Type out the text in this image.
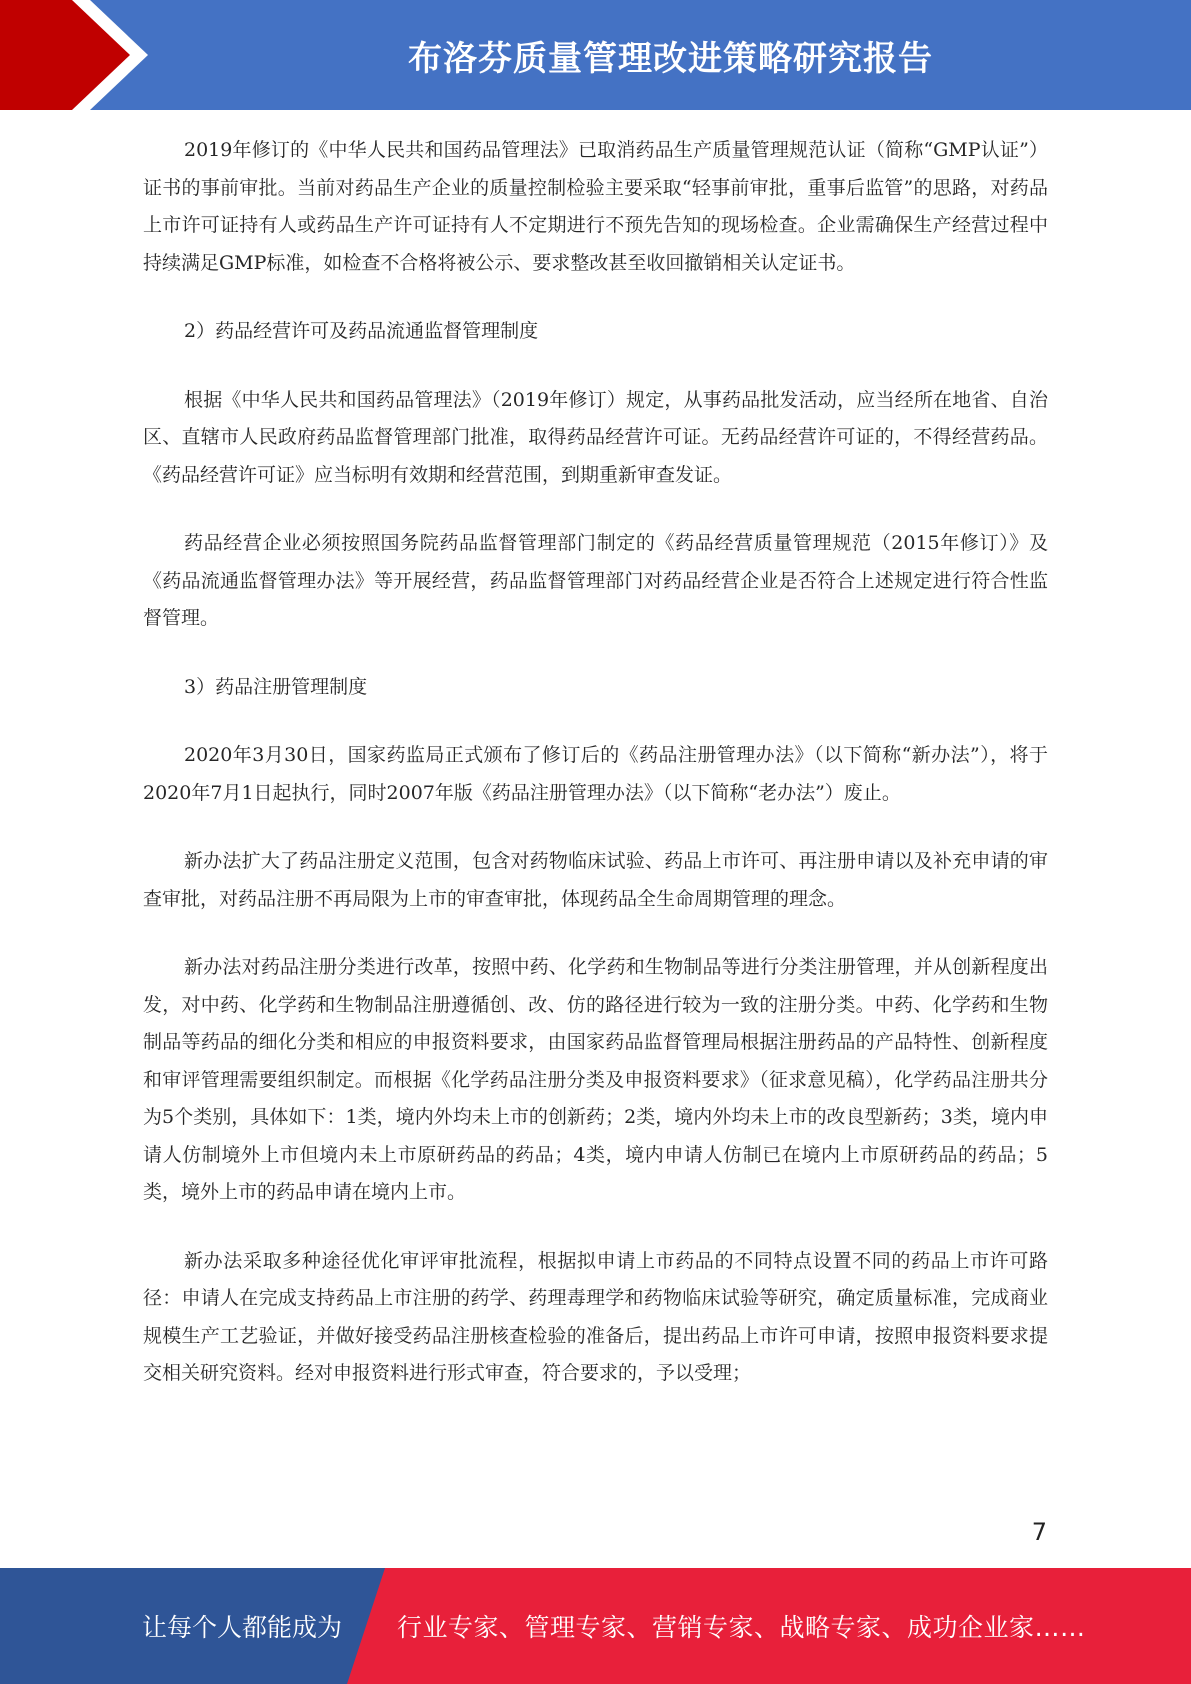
布洛芬质量管理改进策略研究报告

2019年修订的《中华人民共和国药品管理法》已取消药品生产质量管理规范认证（简称“GMP认证”）证书的事前审批。当前对药品生产企业的质量控制检验主要采取“轻事前审批，重事后监管”的思路，对药品上市许可证持有人或药品生产许可证持有人不定期进行不预先告知的现场检查。企业需确保生产经营过程中持续满足GMP标准，如检查不合格将被公示、要求整改甚至收回撤销相关认定证书。

2）药品经营许可及药品流通监督管理制度

根据《中华人民共和国药品管理法》（2019年修订）规定，从事药品批发活动，应当经所在地省、自治区、直辖市人民政府药品监督管理部门批准，取得药品经营许可证。无药品经营许可证的，不得经营药品。《药品经营许可证》应当标明有效期和经营范围，到期重新审查发证。

药品经营企业必须按照国务院药品监督管理部门制定的《药品经营质量管理规范（2015年修订）》及《药品流通监督管理办法》等开展经营，药品监督管理部门对药品经营企业是否符合上述规定进行符合性监督管理。

3）药品注册管理制度

2020年3月30日，国家药监局正式颁布了修订后的《药品注册管理办法》（以下简称“新办法”），将于2020年7月1日起执行，同时2007年版《药品注册管理办法》（以下简称“老办法”）废止。

新办法扩大了药品注册定义范围，包含对药物临床试验、药品上市许可、再注册申请以及补充申请的审查审批，对药品注册不再局限为上市的审查审批，体现药品全生命周期管理的理念。

新办法对药品注册分类进行改革，按照中药、化学药和生物制品等进行分类注册管理，并从创新程度出发，对中药、化学药和生物制品注册遵循创、改、仿的路径进行较为一致的注册分类。中药、化学药和生物制品等药品的细化分类和相应的申报资料要求，由国家药品监督管理局根据注册药品的产品特性、创新程度和审评管理需要组织制定。而根据《化学药品注册分类及申报资料要求》（征求意见稿），化学药品注册共分为5个类别，具体如下：1类，境内外均未上市的创新药；2类，境内外均未上市的改良型新药；3类，境内申请人仿制境外上市但境内未上市原研药品的药品；4类，境内申请人仿制已在境内上市原研药品的药品；5类，境外上市的药品申请在境内上市。

新办法采取多种途径优化审评审批流程，根据拟申请上市药品的不同特点设置不同的药品上市许可路径：申请人在完成支持药品上市注册的药学、药理毒理学和药物临床试验等研究，确定质量标准，完成商业规模生产工艺验证，并做好接受药品注册核查检验的准备后，提出药品上市许可申请，按照申报资料要求提交相关研究资料。经对申报资料进行形式审查，符合要求的，予以受理；

7
让每个人都能成为 行业专家、管理专家、营销专家、战略专家、成功企业家……
